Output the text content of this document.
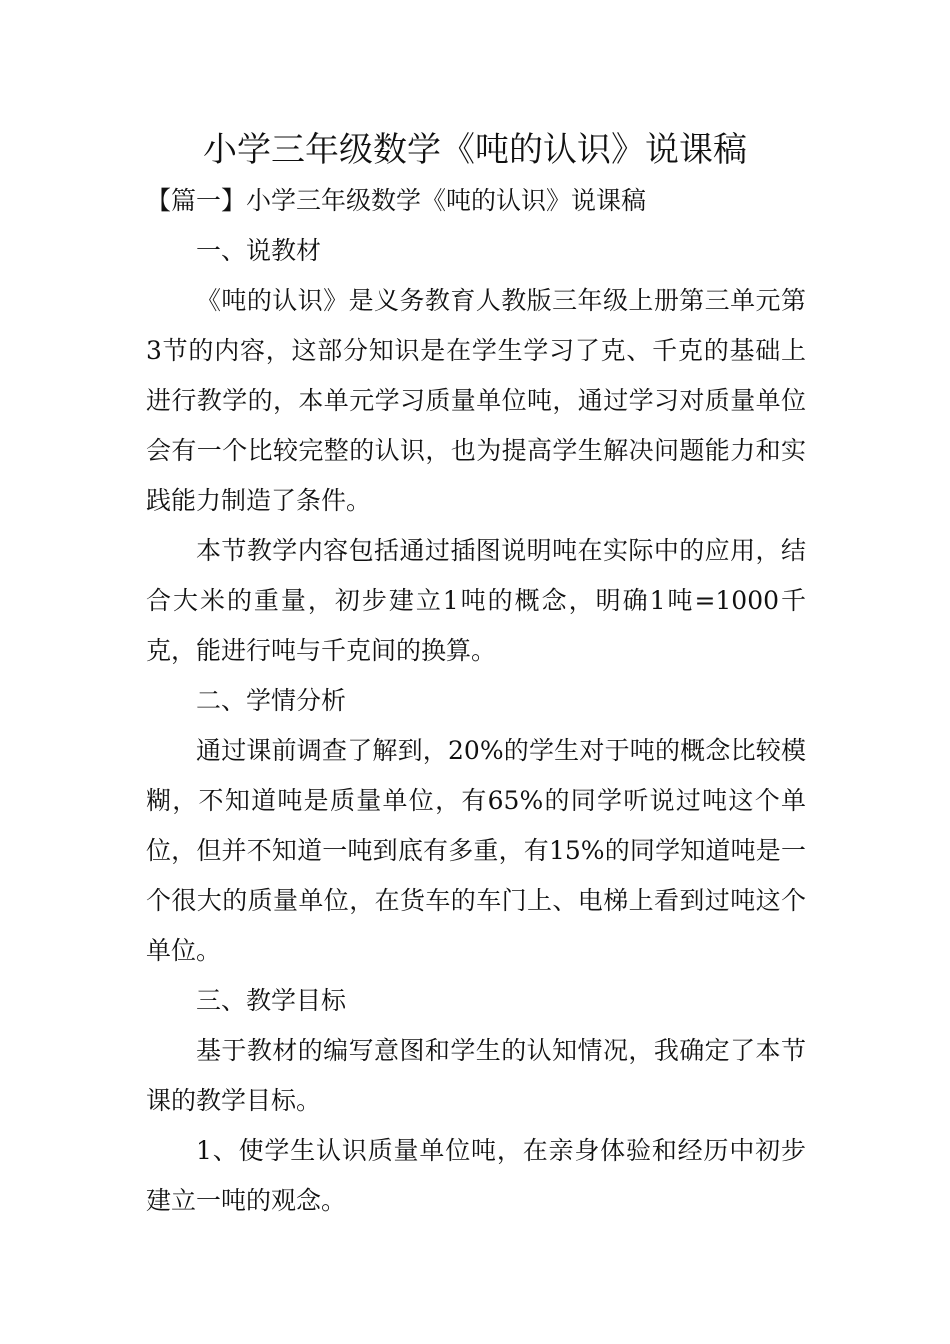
小学三年级数学《吨的认识》说课稿

【篇一】小学三年级数学《吨的认识》说课稿

一、说教材

《吨的认识》是义务教育人教版三年级上册第三单元第3节的内容，这部分知识是在学生学习了克、千克的基础上进行教学的，本单元学习质量单位吨，通过学习对质量单位会有一个比较完整的认识，也为提高学生解决问题能力和实践能力制造了条件。

本节教学内容包括通过插图说明吨在实际中的应用，结合大米的重量，初步建立1吨的概念，明确1吨=1000千克，能进行吨与千克间的换算。

二、学情分析

通过课前调查了解到，20%的学生对于吨的概念比较模糊，不知道吨是质量单位，有65%的同学听说过吨这个单位，但并不知道一吨到底有多重，有15%的同学知道吨是一个很大的质量单位，在货车的车门上、电梯上看到过吨这个单位。

三、教学目标

基于教材的编写意图和学生的认知情况，我确定了本节课的教学目标。

1、使学生认识质量单位吨，在亲身体验和经历中初步建立一吨的观念。
